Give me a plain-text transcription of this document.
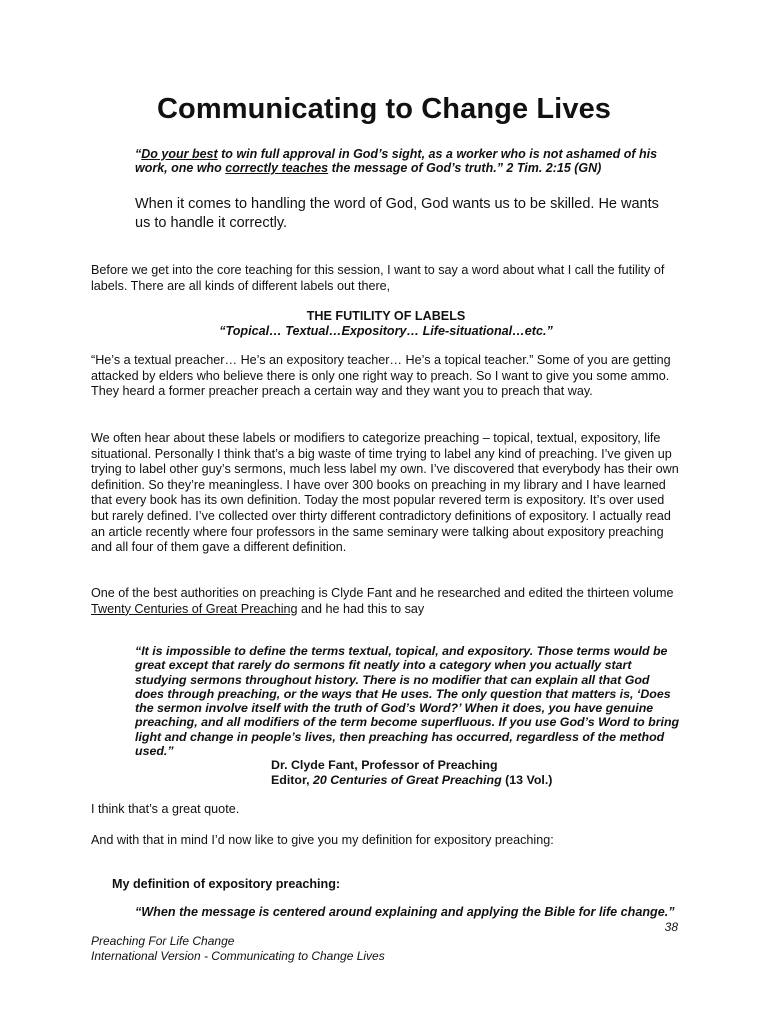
Communicating to Change Lives
“Do your best to win full approval in God’s sight, as a worker who is not ashamed of his work, one who correctly teaches the message of God’s truth.” 2 Tim. 2:15 (GN)
When it comes to handling the word of God, God wants us to be skilled. He wants us to handle it correctly.
Before we get into the core teaching for this session, I want to say a word about what I call the futility of labels. There are all kinds of different labels out there,
THE FUTILITY OF LABELS
“Topical… Textual…Expository… Life-situational…etc.”
“He’s a textual preacher… He’s an expository teacher… He’s a topical teacher.” Some of you are getting attacked by elders who believe there is only one right way to preach. So I want to give you some ammo. They heard a former preacher preach a certain way and they want you to preach that way.
We often hear about these labels or modifiers to categorize preaching – topical, textual, expository, life situational. Personally I think that’s a big waste of time trying to label any kind of preaching. I’ve given up trying to label other guy’s sermons, much less label my own. I’ve discovered that everybody has their own definition. So they’re meaningless. I have over 300 books on preaching in my library and I have learned that every book has its own definition. Today the most popular revered term is expository. It’s over used but rarely defined. I’ve collected over thirty different contradictory definitions of expository. I actually read an article recently where four professors in the same seminary were talking about expository preaching and all four of them gave a different definition.
One of the best authorities on preaching is Clyde Fant and he researched and edited the thirteen volume Twenty Centuries of Great Preaching and he had this to say
“It is impossible to define the terms textual, topical, and expository. Those terms would be great except that rarely do sermons fit neatly into a category when you actually start studying sermons throughout history. There is no modifier that can explain all that God does through preaching, or the ways that He uses. The only question that matters is, ‘Does the sermon involve itself with the truth of God’s Word?’ When it does, you have genuine preaching, and all modifiers of the term become superfluous. If you use God’s Word to bring light and change in people’s lives, then preaching has occurred, regardless of the method used.”
Dr. Clyde Fant, Professor of Preaching
Editor, 20 Centuries of Great Preaching (13 Vol.)
I think that’s a great quote.
And with that in mind I’d now like to give you my definition for expository preaching:
My definition of expository preaching:
“When the message is centered around explaining and applying the Bible for life change.”
38
Preaching For Life Change
International Version - Communicating to Change Lives
